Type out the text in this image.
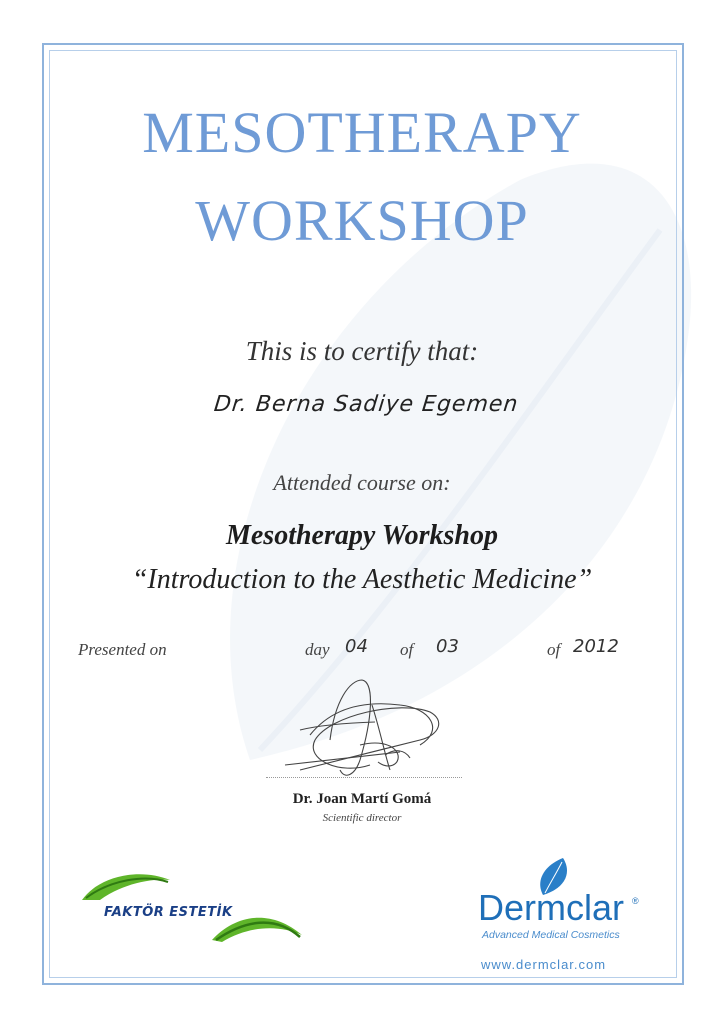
MESOTHERAPY
WORKSHOP
This is to certify that:
Dr. Berna Sadiye Egemen
Attended course on:
Mesotherapy Workshop
“Introduction to the Aesthetic Medicine”
Presented on	day 04 of 03	of 2012
Dr. Joan Martí Gomá
Scientific director
FAKTÖR ESTETİK	Dermclar ®
Advanced Medical Cosmetics
www.dermclar.com
